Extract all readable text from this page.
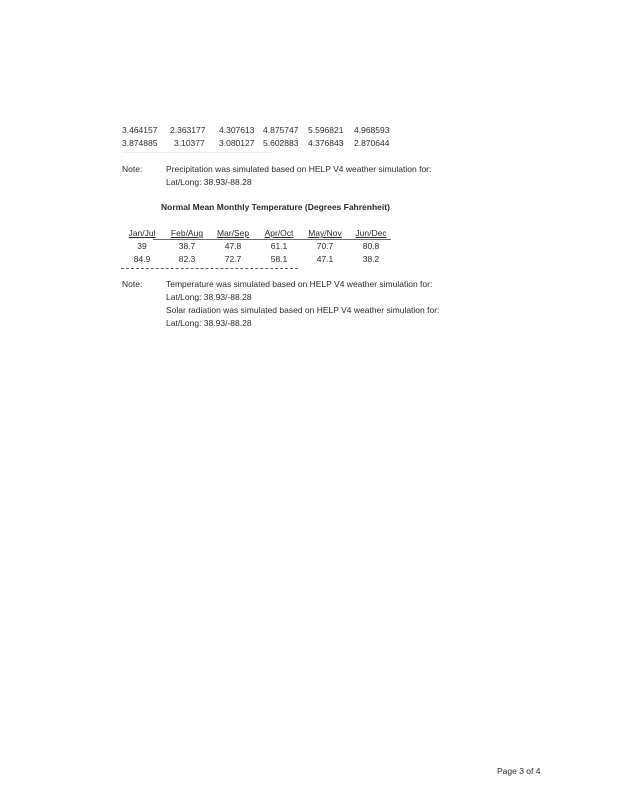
3.464157 2.363177 4.307613 4.875747 5.596821 4.968593
3.874885 3.10377 3.080127 5.602883 4.376843 2.870644
Note:	Precipitation was simulated based on HELP V4 weather simulation for:
Lat/Long: 38.93/-88.28
Normal Mean Monthly Temperature (Degrees Fahrenheit)
Jan/Jul	Feb/Aug	Mar/Sep	Apr/Oct	May/Nov	Jun/Dec
39	38.7	47.8	61.1	70.7	80.8
84.9	82.3	72.7	58.1	47.1	38.2
Note:	Temperature was simulated based on HELP V4 weather simulation for:
Lat/Long: 38.93/-88.28
Solar radiation was simulated based on HELP V4 weather simulation for:
Lat/Long: 38.93/-88.28
Page 3 of 4
